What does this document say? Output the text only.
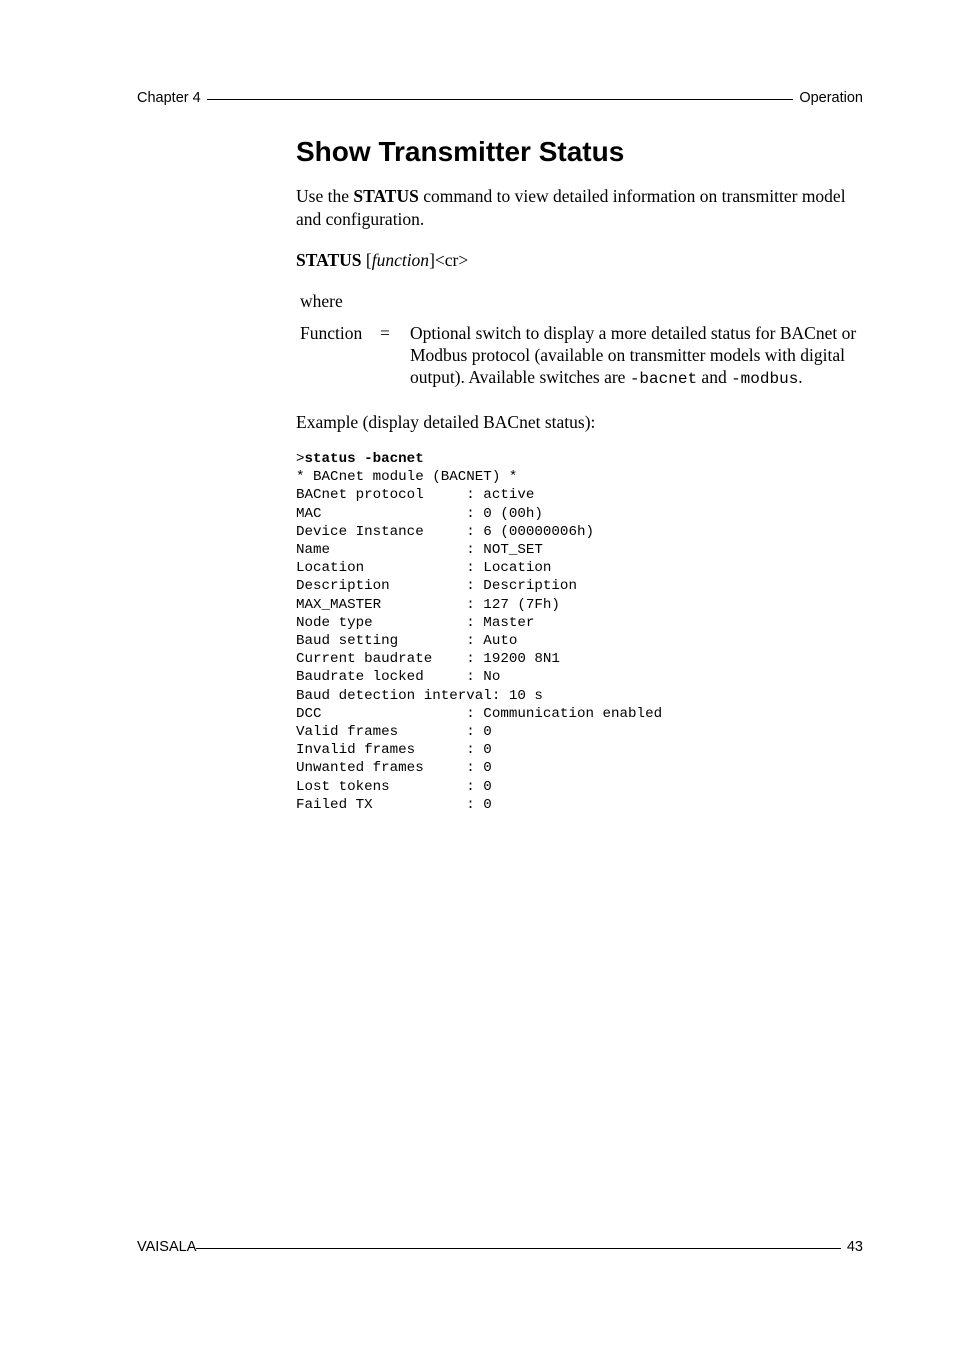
Chapter 4	Operation
Show Transmitter Status

Use the STATUS command to view detailed information on transmitter model and configuration.

STATUS [function]<cr>

where

Function	=	Optional switch to display a more detailed status for BACnet or Modbus protocol (available on transmitter models with digital output). Available switches are -bacnet and -modbus.

Example (display detailed BACnet status):

>status -bacnet
* BACnet module (BACNET) *
BACnet protocol     : active
MAC                 : 0 (00h)
Device Instance     : 6 (00000006h)
Name                : NOT_SET
Location            : Location
Description         : Description
MAX_MASTER          : 127 (7Fh)
Node type           : Master
Baud setting        : Auto
Current baudrate    : 19200 8N1
Baudrate locked     : No
Baud detection interval: 10 s
DCC                 : Communication enabled
Valid frames        : 0
Invalid frames      : 0
Unwanted frames     : 0
Lost tokens         : 0
Failed TX           : 0
VAISALA	43
